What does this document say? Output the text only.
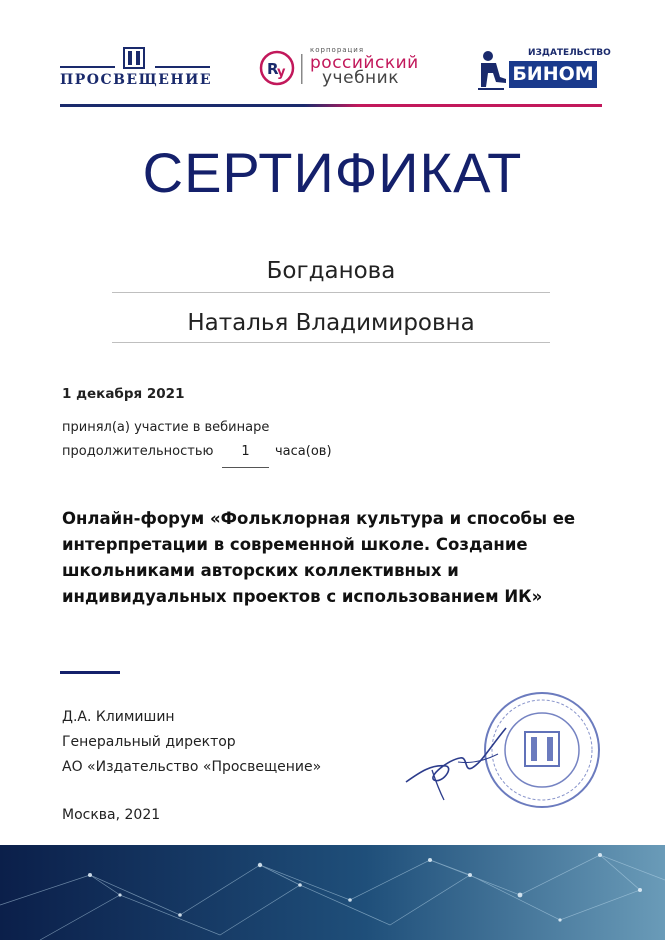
ПРОСВЕЩЕНИЕ
R
y
корпорация
российский
учебник
ИЗДАТЕЛЬСТВО
БИНОМ
СЕРТИФИКАТ
Богданова
Наталья Владимировна
1 декабря 2021
принял(а) участие в вебинаре
продолжительностью	1	часа(ов)
Онлайн-форум «Фольклорная культура и способы ее интерпретации в современной школе. Создание школьниками авторских коллективных и индивидуальных проектов с использованием ИК»
Д.А. Климишин
Генеральный директор
АО «Издательство «Просвещение»
Москва, 2021
